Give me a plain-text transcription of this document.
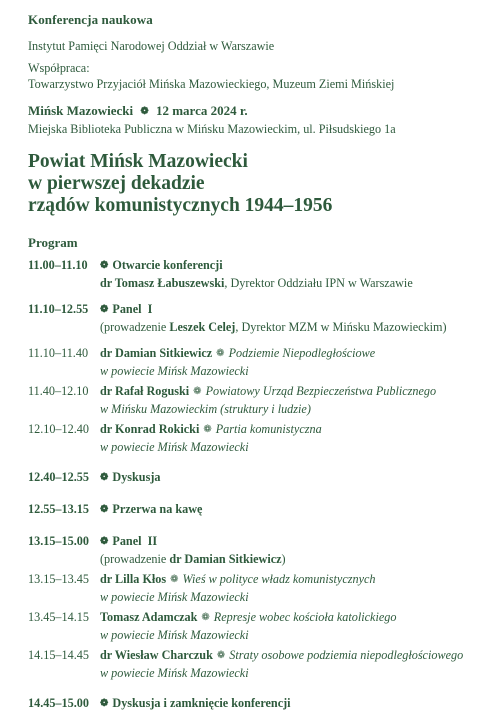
Konferencja naukowa
Instytut Pamięci Narodowej Oddział w Warszawie
Współpraca:
Towarzystwo Przyjaciół Mińska Mazowieckiego, Muzeum Ziemi Mińskiej
Mińsk Mazowiecki ❁ 12 marca 2024 r.
Miejska Biblioteka Publiczna w Mińsku Mazowieckim, ul. Piłsudskiego 1a
Powiat Mińsk Mazowiecki
w pierwszej dekadzie
rządów komunistycznych 1944–1956
Program
11.00–11.10	❁ Otwarcie konferencji
dr Tomasz Łabuszewski, Dyrektor Oddziału IPN w Warszawie
11.10–12.55	❁ Panel I
(prowadzenie Leszek Celej, Dyrektor MZM w Mińsku Mazowieckim)
11.10–11.40 dr Damian Sitkiewicz ❁ Podziemie Niepodległościowe
w powiecie Mińsk Mazowiecki
11.40–12.10 dr Rafał Roguski ❁ Powiatowy Urząd Bezpieczeństwa Publicznego
w Mińsku Mazowieckim (struktury i ludzie)
12.10–12.40 dr Konrad Rokicki ❁ Partia komunistyczna
w powiecie Mińsk Mazowiecki
12.40–12.55	❁ Dyskusja
12.55–13.15	❁ Przerwa na kawę
13.15–15.00	❁ Panel II
(prowadzenie dr Damian Sitkiewicz)
13.15–13.45 dr Lilla Kłos ❁ Wieś w polityce władz komunistycznych
w powiecie Mińsk Mazowiecki
13.45–14.15 Tomasz Adamczak ❁ Represje wobec kościoła katolickiego
w powiecie Mińsk Mazowiecki
14.15–14.45 dr Wiesław Charczuk ❁ Straty osobowe podziemia niepodległościowego
w powiecie Mińsk Mazowiecki
14.45–15.00	❁ Dyskusja i zamknięcie konferencji
